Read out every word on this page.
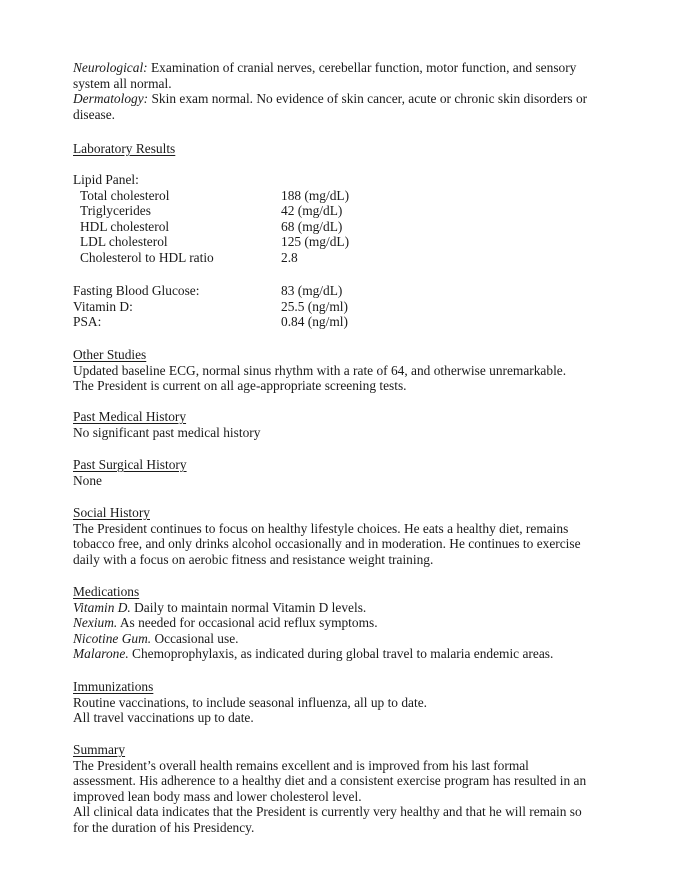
Neurological: Examination of cranial nerves, cerebellar function, motor function, and sensory
system all normal.
Dermatology: Skin exam normal. No evidence of skin cancer, acute or chronic skin disorders or
disease.
Laboratory Results
Lipid Panel:
Total cholesterol	188 (mg/dL)
Triglycerides	42 (mg/dL)
HDL cholesterol	68 (mg/dL)
LDL cholesterol	125 (mg/dL)
Cholesterol to HDL ratio	2.8
Fasting Blood Glucose:	83 (mg/dL)
Vitamin D:	25.5 (ng/ml)
PSA:	0.84 (ng/ml)
Other Studies
Updated baseline ECG, normal sinus rhythm with a rate of 64, and otherwise unremarkable.
The President is current on all age-appropriate screening tests.
Past Medical History
No significant past medical history
Past Surgical History
None
Social History
The President continues to focus on healthy lifestyle choices. He eats a healthy diet, remains
tobacco free, and only drinks alcohol occasionally and in moderation. He continues to exercise
daily with a focus on aerobic fitness and resistance weight training.
Medications
Vitamin D. Daily to maintain normal Vitamin D levels.
Nexium. As needed for occasional acid reflux symptoms.
Nicotine Gum. Occasional use.
Malarone. Chemoprophylaxis, as indicated during global travel to malaria endemic areas.
Immunizations
Routine vaccinations, to include seasonal influenza, all up to date.
All travel vaccinations up to date.
Summary
The President’s overall health remains excellent and is improved from his last formal
assessment. His adherence to a healthy diet and a consistent exercise program has resulted in an
improved lean body mass and lower cholesterol level.
All clinical data indicates that the President is currently very healthy and that he will remain so
for the duration of his Presidency.
